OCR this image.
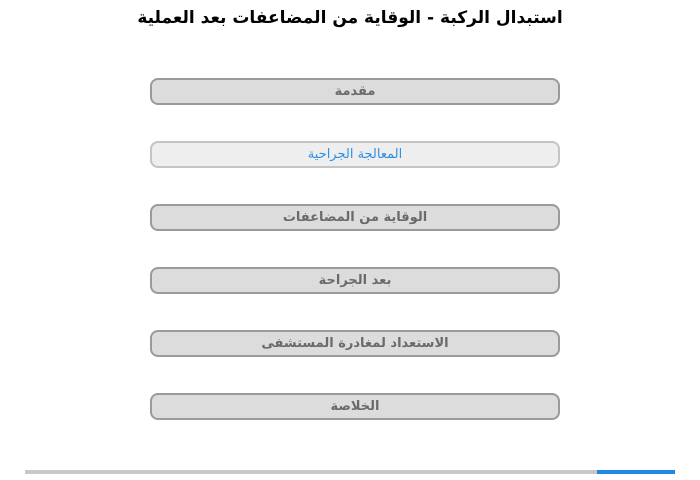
استبدال الركبة - الوقاية من المضاعفات بعد العملية
مقدمة
المعالجة الجراحية
الوقاية من المضاعفات
بعد الجراحة
الاستعداد لمغادرة المستشفى
الخلاصة
